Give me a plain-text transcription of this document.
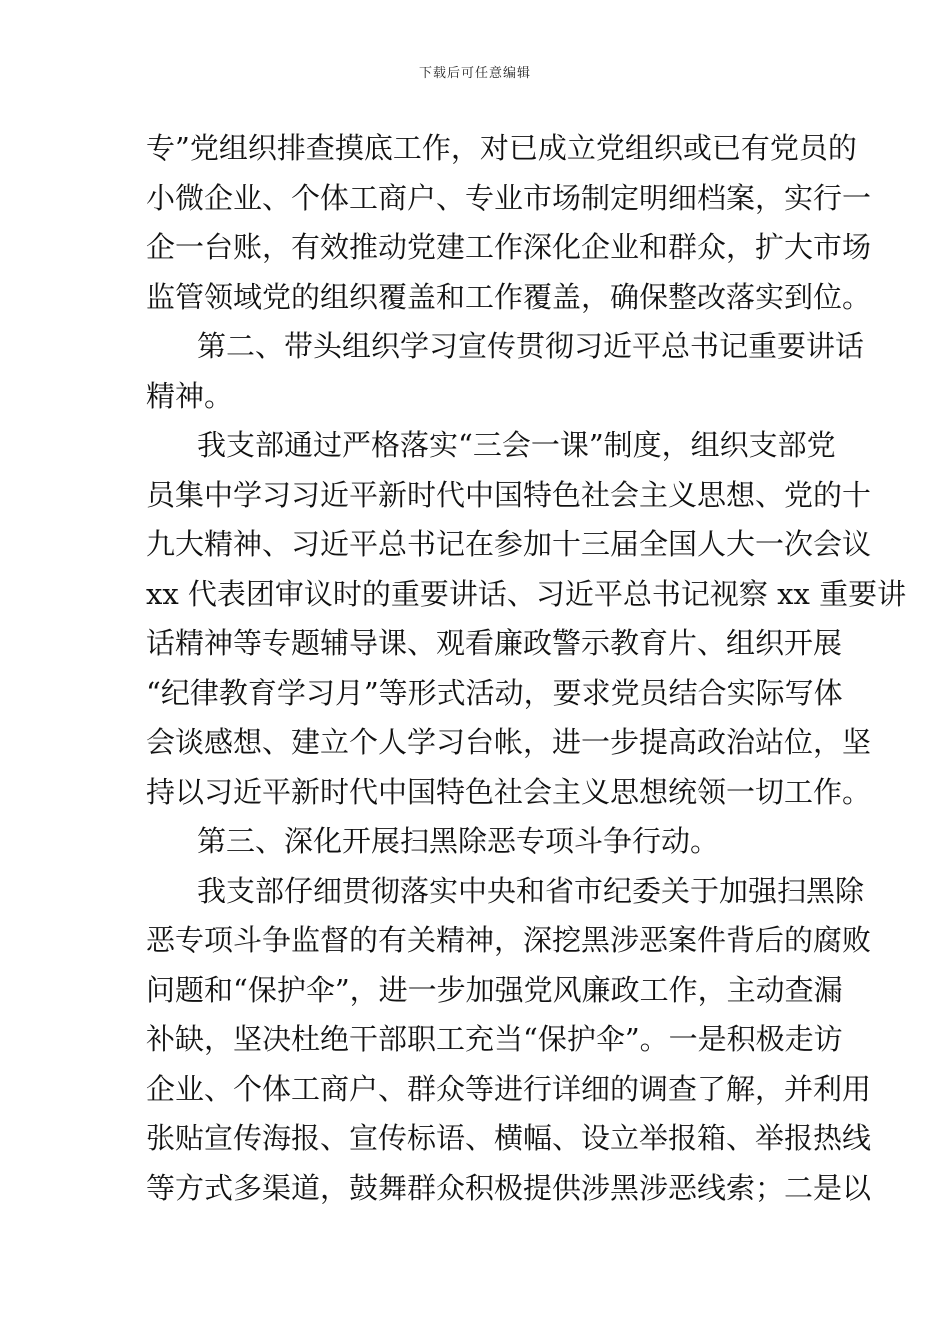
下载后可任意编辑
专”党组织排查摸底工作，对已成立党组织或已有党员的
小微企业、个体工商户、专业市场制定明细档案，实行一
企一台账，有效推动党建工作深化企业和群众，扩大市场
监管领域党的组织覆盖和工作覆盖，确保整改落实到位。
第二、带头组织学习宣传贯彻习近平总书记重要讲话
精神。
我支部通过严格落实“三会一课”制度，组织支部党
员集中学习习近平新时代中国特色社会主义思想、党的十
九大精神、习近平总书记在参加十三届全国人大一次会议
xx 代表团审议时的重要讲话、习近平总书记视察 xx 重要讲
话精神等专题辅导课、观看廉政警示教育片、组织开展
“纪律教育学习月”等形式活动，要求党员结合实际写体
会谈感想、建立个人学习台帐，进一步提高政治站位，坚
持以习近平新时代中国特色社会主义思想统领一切工作。
第三、深化开展扫黑除恶专项斗争行动。
我支部仔细贯彻落实中央和省市纪委关于加强扫黑除
恶专项斗争监督的有关精神，深挖黑涉恶案件背后的腐败
问题和“保护伞”，进一步加强党风廉政工作，主动查漏
补缺，坚决杜绝干部职工充当“保护伞”。一是积极走访
企业、个体工商户、群众等进行详细的调查了解，并利用
张贴宣传海报、宣传标语、横幅、设立举报箱、举报热线
等方式多渠道，鼓舞群众积极提供涉黑涉恶线索；二是以
